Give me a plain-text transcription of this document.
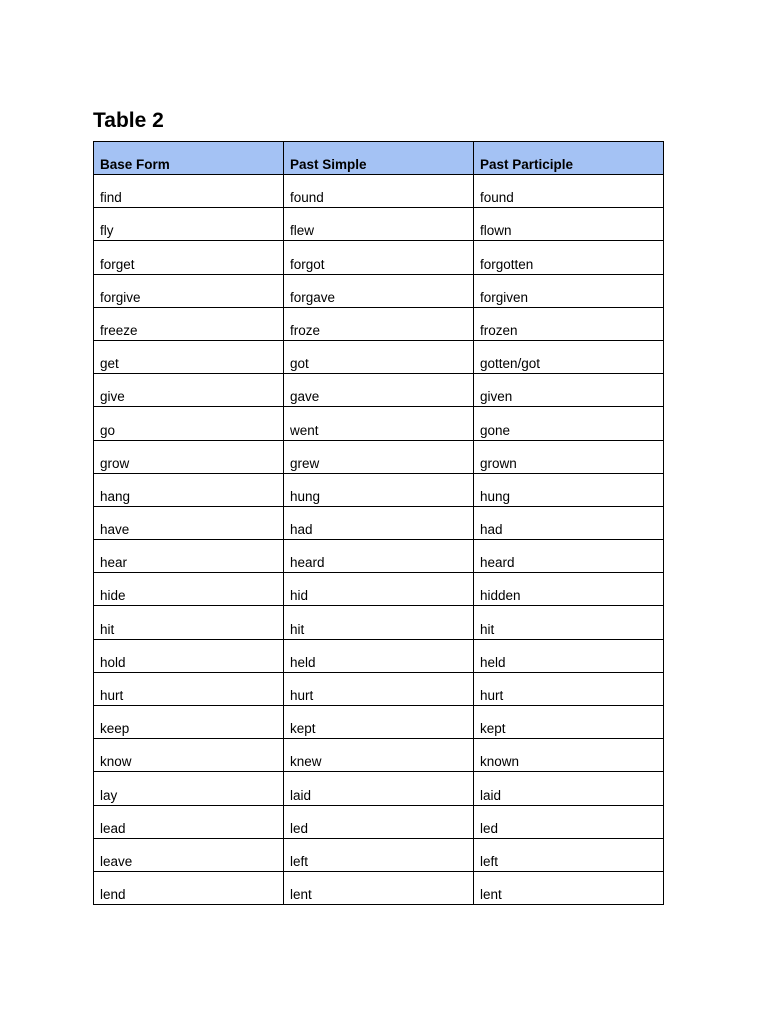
Table 2
Base Form	Past Simple	Past Participle
find	found	found
fly	flew	flown
forget	forgot	forgotten
forgive	forgave	forgiven
freeze	froze	frozen
get	got	gotten/got
give	gave	given
go	went	gone
grow	grew	grown
hang	hung	hung
have	had	had
hear	heard	heard
hide	hid	hidden
hit	hit	hit
hold	held	held
hurt	hurt	hurt
keep	kept	kept
know	knew	known
lay	laid	laid
lead	led	led
leave	left	left
lend	lent	lent
